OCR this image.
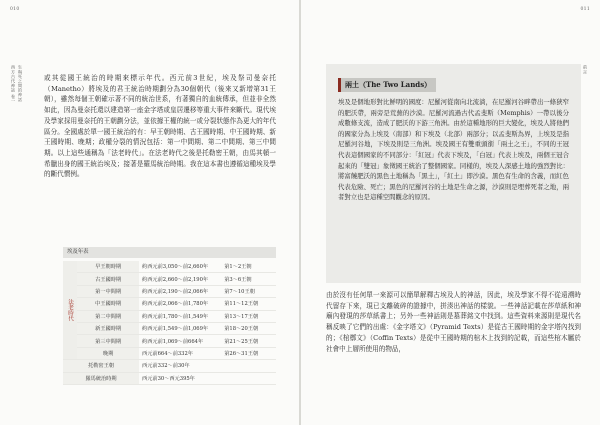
010
西方古代神話 卷一 生與死之間的神話	或其從國王統治的時期來標示年代。西元前3世紀，埃及祭司曼奈托（Manetho）將埃及的君王統治時期劃分為30個朝代（後來又新增第31王朝），雖然每個王朝確示著不同的統治世系，有著獨自的血統傳承，但並非全然如此，因為曼奈托還以建造第一座金字塔或皇居遷移等重大事件來斷代。現代埃及學家採用曼奈托的王朝劃分法，並依據王權的統一或分裂狀態作為更大的年代區分。全國處於單一國王統治的有：早王朝時期、古王國時期、中王國時期、新王國時期、晚期；政權分裂的情況包括：第一中間期、第二中間期、第三中間期。以上這些通稱為「法老時代」。在法老時代之後是托勒密王朝，由馬其頓一希臘出身的國王統治埃及；接著是羅馬統治時期。我在這本書也遵循這種埃及學的斷代慣例。

埃及年表
法老時代	早王朝時期	約西元前3,050～前2,660年	第1～2王朝
	古王國時期	約西元前2,660～前2,190年	第3～6王朝
	第一中間期	約西元前2,190～前2,066年	第7～10王朝
	中王國時期	約西元前2,066～前1,780年	第11～12王朝
	第二中間期	約西元前1,780～前1,549年	第13～17王朝
	新王國時期	約西元前1,549～前1,069年	第18～20王朝
	第三中間期	約西元前1,069～前664年	第21～25王朝
	晚期	西元前664～前332年	第26～31王朝
托勒密王朝		西元前332～前30年	
羅馬統治時期		西元前30～西元395年	
011
前言
兩土（The Two Lands）

埃及是個地形對比鮮明的國度：尼羅河從南向北流淌，在尼羅河谷畔帶出一條狹窄的肥沃帶，兩旁是荒蕪的沙漠。尼羅河流過古代孟斐斯（Memphis）一帶以後分成數條支流，造成了肥沃的下游三角洲。由於這種地形的巨大變化，埃及人將他們的國家分為上埃及（南部）和下埃及（北部）兩部分；以孟斐斯為界，上埃及是指尼羅河谷地，下埃及則是三角洲。埃及國王有雙重頭銜「兩土之王」，不同的王冠代表這個國家的不同部分：「紅冠」代表下埃及，「白冠」代表上埃及，兩個王冠合起來的「雙冠」象徵國王統治了整個國家。同樣的，埃及人深感土地的強烈對比：將富饒肥沃的黑色土地稱為「黑土」，「紅土」即沙漠。黑色有生命的含義，而紅色代表危險、死亡；黑色的尼羅河谷的土地是生命之源，沙漠則是埋葬死者之地，兩者對立也是這種空間觀念的原因。

由於沒有任何單一來源可以簡單解釋古埃及人的神話，因此，埃及學家不得不從遠溯時代留存下來，現已支離破碎的證據中，拼湊出神話的樣貌。一些神話記載在莎草紙和神廟內發現的莎草紙書上；另外一些神話則是墓葬銘文中找到。這些資料來源則是現代名稱反映了它們的出處：《金字塔文》（Pyramid Texts）是從古王國時期的金字塔內找到的；《棺槨文》（Coffin Texts）是從中王國時期的棺木上找到的記載，而這些棺木屬於社會中上層所使用的物品，
